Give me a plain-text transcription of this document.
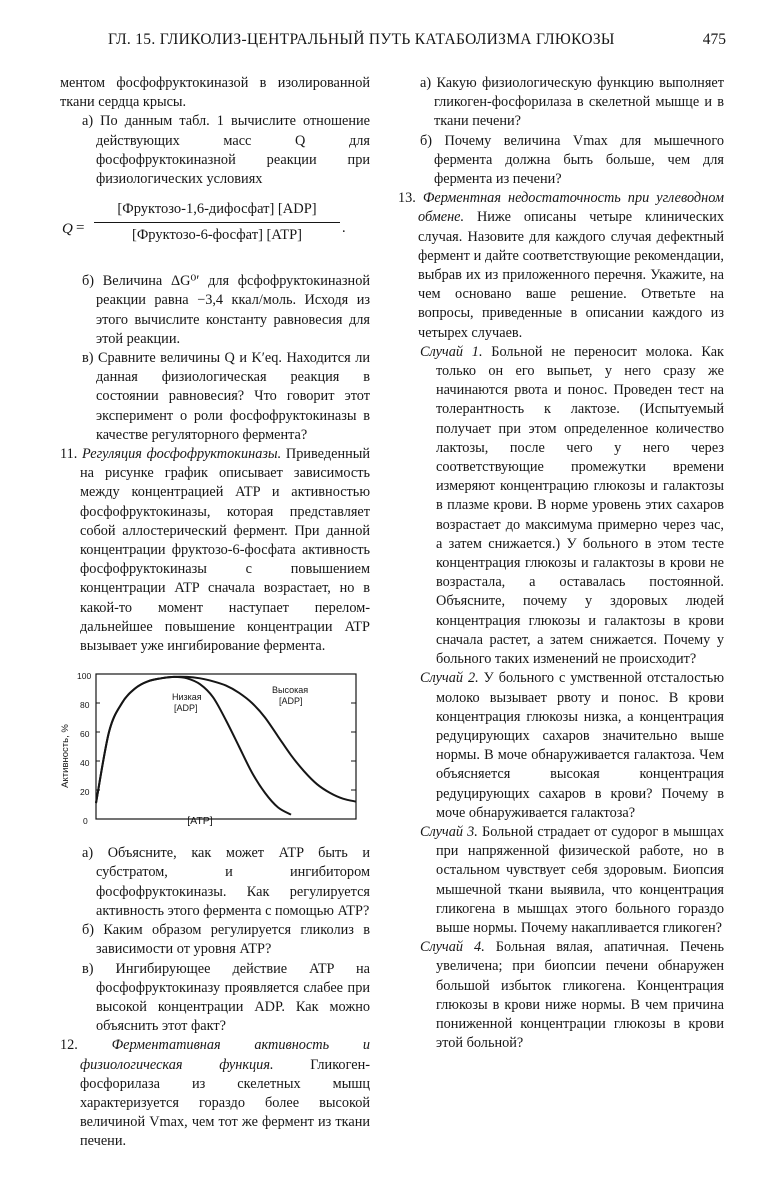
ГЛ. 15. ГЛИКОЛИЗ-ЦЕНТРАЛЬНЫЙ ПУТЬ КАТАБОЛИЗМА ГЛЮКОЗЫ	475

ментом фосфофруктокиназой в изолированной ткани сердца крысы.

а) По данным табл. 1 вычислите отношение действующих масс Q для фосфофруктокиназной реакции при физиологических условиях
Q =
[Фруктозо-1,6-дифосфат] [ADP]
[Фруктозо-6-фосфат] [ATP]	.
б) Величина ΔG⁰′ для фсфофруктокиназной реакции равна −3,4 ккал/моль. Исходя из этого вычислите константу равновесия для этой реакции.
в) Сравните величины Q и K′eq. Находится ли данная физиологическая реакция в состоянии равновесия? Что говорит этот эксперимент о роли фосфофруктокиназы в качестве регуляторного фермента?
11. Регуляция фосфофруктокиназы. Приведенный на рисунке график описывает зависимость между концентрацией ATP и активностью фосфофруктокиназы, которая представляет собой аллостерический фермент. При данной концентрации фруктозо-6-фосфата активность фосфофруктокиназы с повышением концентрации ATP сначала возрастает, но в какой-то момент наступает перелом-дальнейшее повышение концентрации ATP вызывает уже ингибирование фермента.
Активность, %
[ATP]
100
80
60
40
20
0
Низкая
[ADP]
Высокая
[ADP]
а) Объясните, как может ATP быть и субстратом, и ингибитором фосфофруктокиназы. Как регулируется активность этого фермента с помощью ATP?
б) Каким образом регулируется гликолиз в зависимости от уровня ATP?
в) Ингибирующее действие ATP на фосфофруктокиназу проявляется слабее при высокой концентрации ADP. Как можно объяснить этот факт?
12. Ферментативная активность и физиологическая функция.	Гликоген-фосфорилаза из скелетных мышц характеризуется гораздо более высокой величиной Vmax, чем тот же фермент из ткани печени.
а) Какую физиологическую функцию выполняет гликоген-фосфорилаза в скелетной мышце и в ткани печени?
б) Почему величина Vmax для мышечного фермента должна быть больше, чем для фермента из печени?
13. Ферментная недостаточность при углеводном обмене. Ниже описаны четыре клинических случая. Назовите для каждого случая дефектный фермент и дайте соответствующие рекомендации, выбрав их из приложенного перечня. Укажите, на чем основано ваше решение. Ответьте на вопросы, приведенные в описании каждого из четырех случаев.
Случай 1. Больной не переносит молока. Как только он его выпьет, у него сразу же начинаются рвота и понос. Проведен тест на толерантность к лактозе. (Испытуемый получает при этом определенное количество лактозы, после чего у него через соответствующие промежутки времени измеряют концентрацию глюкозы и галактозы в плазме крови. В норме уровень этих сахаров возрастает до максимума примерно через час, а затем снижается.) У больного в этом тесте концентрация глюкозы и галактозы в крови не возрастала, а оставалась постоянной. Объясните, почему у здоровых людей концентрация глюкозы и галактозы в крови сначала растет, а затем снижается. Почему у больного таких изменений не происходит?
Случай 2. У больного с умственной отсталостью молоко вызывает рвоту и понос. В крови концентрация глюкозы низка, а концентрация редуцирующих сахаров значительно выше нормы. В моче обнаруживается галактоза. Чем объясняется высокая концентрация редуцирующих сахаров в крови? Почему в моче обнаруживается галактоза?
Случай 3. Больной страдает от судорог в мышцах при напряженной физической работе, но в остальном чувствует себя здоровым. Биопсия мышечной ткани выявила, что концентрация гликогена в мышцах этого больного гораздо выше нормы. Почему накапливается гликоген?
Случай 4. Больная вялая, апатичная. Печень увеличена; при биопсии печени обнаружен большой избыток гликогена. Концентрация глюкозы в крови ниже нормы. В чем причина пониженной концентрации глюкозы в крови этой больной?
